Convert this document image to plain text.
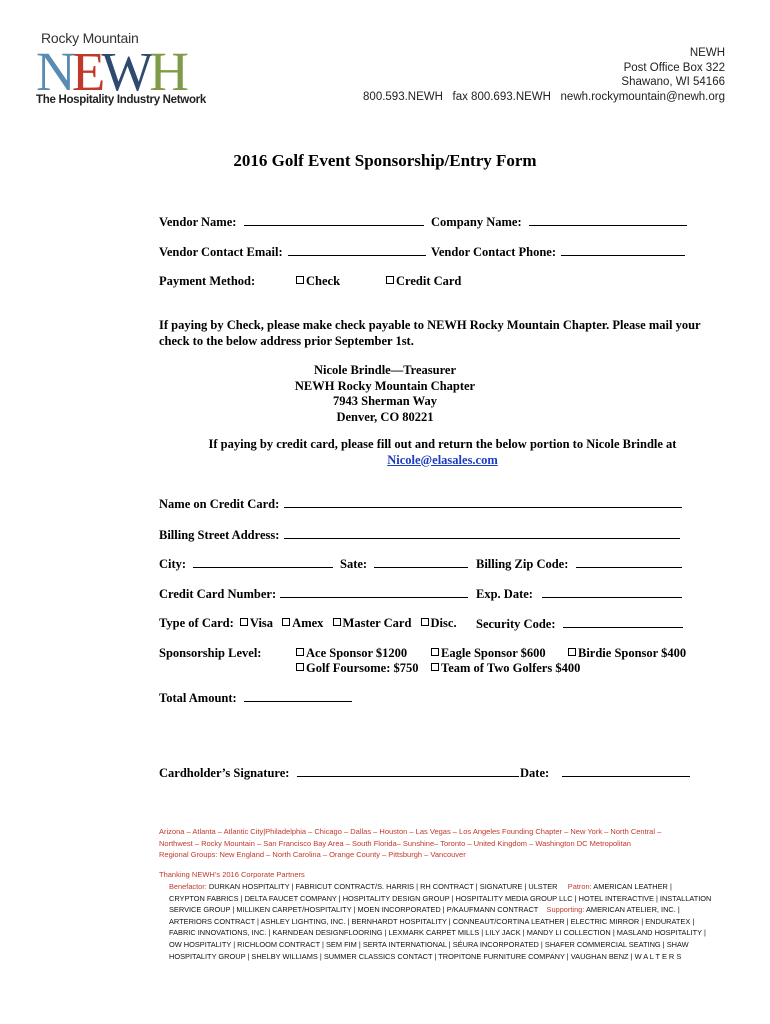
Rocky Mountain
NEWH
The Hospitality Industry Network
NEWH
Post Office Box 322
Shawano, WI 54166
800.593.NEWH   fax 800.693.NEWH   newh.rockymountain@newh.org
2016 Golf Event Sponsorship/Entry Form
Vendor Name:	Company Name:
Vendor Contact Email:	Vendor Contact Phone:
Payment Method:	Check	Credit Card
If paying by Check, please make check payable to NEWH Rocky Mountain Chapter. Please mail your check to the below address prior September 1st.
Nicole Brindle—Treasurer
NEWH Rocky Mountain Chapter
7943 Sherman Way
Denver, CO 80221
If paying by credit card, please fill out and return the below portion to Nicole Brindle at
Nicole@elasales.com
Name on Credit Card:
Billing Street Address:
City:	Sate:	Billing Zip Code:
Credit Card Number:	Exp. Date:
Type of Card: Visa Amex Master Card Disc. Security Code:
Sponsorship Level:	Ace Sponsor $1200	Eagle Sponsor $600	Birdie Sponsor $400
Golf Foursome: $750	Team of Two Golfers $400
Total Amount:
Cardholder’s Signature:	Date:
Arizona – Atlanta – Atlantic City|Philadelphia – Chicago – Dallas – Houston – Las Vegas – Los Angeles Founding Chapter – New York – North Central –
Northwest – Rocky Mountain – San Francisco Bay Area – South Florida– Sunshine– Toronto – United Kingdom – Washington DC Metropolitan
Regional Groups: New England – North Carolina – Orange County – Pittsburgh – Vancouver
Thanking NEWH’s 2016 Corporate Partners
Benefactor: DURKAN HOSPITALITY | FABRICUT CONTRACT/S. HARRIS | RH CONTRACT | SIGNATURE | ULSTER Patron: AMERICAN LEATHER |
CRYPTON FABRICS | DELTA FAUCET COMPANY | HOSPITALITY DESIGN GROUP | HOSPITALITY MEDIA GROUP LLC | HOTEL INTERACTIVE | INSTALLATION
SERVICE GROUP | MILLIKEN CARPET/HOSPITALITY | MOEN INCORPORATED | P/KAUFMANN CONTRACT Supporting: AMERICAN ATELIER, INC. |
ARTERIORS CONTRACT | ASHLEY LIGHTING, INC. | BERNHARDT HOSPITALITY | CONNEAUT/CORTINA LEATHER | ELECTRIC MIRROR | ENDURATEX |
FABRIC INNOVATIONS, INC. | KARNDEAN DESIGNFLOORING | LEXMARK CARPET MILLS | LILY JACK | MANDY LI COLLECTION | MASLAND HOSPITALITY |
OW HOSPITALITY | RICHLOOM CONTRACT | SEM FIM | SERTA INTERNATIONAL | SÉURA INCORPORATED | SHAFER COMMERCIAL SEATING | SHAW
HOSPITALITY GROUP | SHELBY WILLIAMS | SUMMER CLASSICS CONTACT | TROPITONE FURNITURE COMPANY | VAUGHAN BENZ | W A L T E R S
